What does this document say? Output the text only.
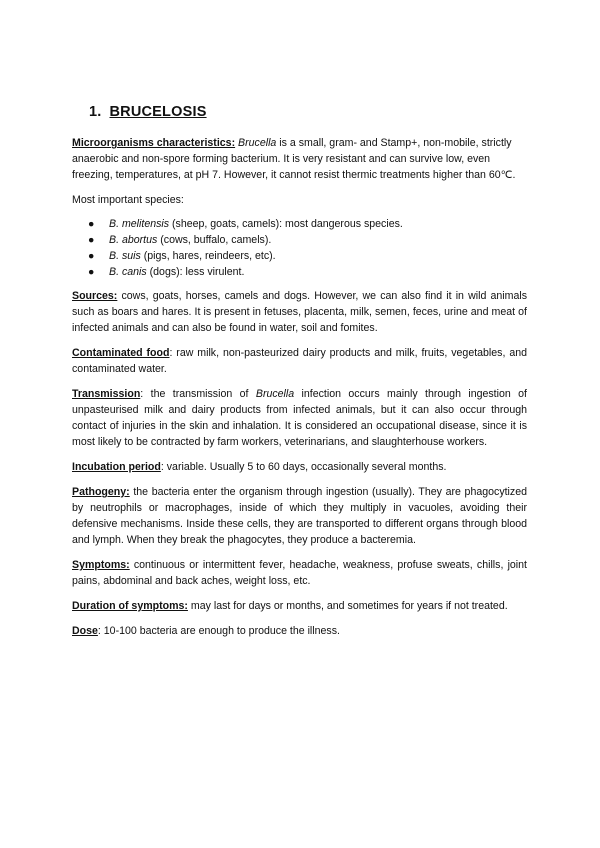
1. BRUCELOSIS

Microorganisms characteristics: Brucella is a small, gram- and Stamp+, non-mobile, strictly anaerobic and non-spore forming bacterium. It is very resistant and can survive low, even freezing, temperatures, at pH 7. However, it cannot resist thermic treatments higher than 60℃.

Most important species:

● B. melitensis (sheep, goats, camels): most dangerous species.
● B. abortus (cows, buffalo, camels).
● B. suis (pigs, hares, reindeers, etc).
● B. canis (dogs): less virulent.

Sources: cows, goats, horses, camels and dogs. However, we can also find it in wild animals such as boars and hares. It is present in fetuses, placenta, milk, semen, feces, urine and meat of infected animals and can also be found in water, soil and fomites.

Contaminated food: raw milk, non-pasteurized dairy products and milk, fruits, vegetables, and contaminated water.

Transmission: the transmission of Brucella infection occurs mainly through ingestion of unpasteurised milk and dairy products from infected animals, but it can also occur through contact of injuries in the skin and inhalation. It is considered an occupational disease, since it is most likely to be contracted by farm workers, veterinarians, and slaughterhouse workers.

Incubation period: variable. Usually 5 to 60 days, occasionally several months.

Pathogeny: the bacteria enter the organism through ingestion (usually). They are phagocytized by neutrophils or macrophages, inside of which they multiply in vacuoles, avoiding their defensive mechanisms. Inside these cells, they are transported to different organs through blood and lymph. When they break the phagocytes, they produce a bacteremia.

Symptoms: continuous or intermittent fever, headache, weakness, profuse sweats, chills, joint pains, abdominal and back aches, weight loss, etc.

Duration of symptoms: may last for days or months, and sometimes for years if not treated.

Dose: 10-100 bacteria are enough to produce the illness.
